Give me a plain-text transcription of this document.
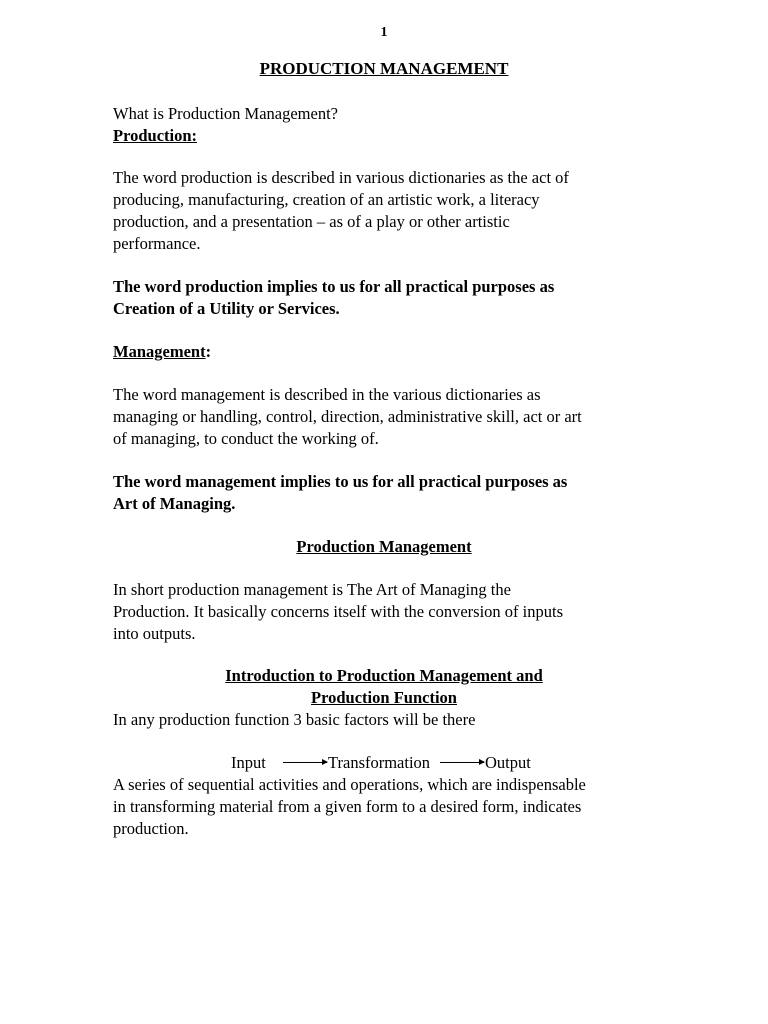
1

PRODUCTION MANAGEMENT

What is Production Management?

Production:

The word production is described in various dictionaries as the act of
producing, manufacturing, creation of an artistic work, a literacy
production, and a presentation – as of a play or other artistic
performance.
The word production implies to us for all practical purposes as
Creation of a Utility or Services.

Management:

The word management is described in the various dictionaries as
managing or handling, control, direction, administrative skill, act or art
of managing, to conduct the working of.
The word management implies to us for all practical purposes as
Art of Managing.

Production Management

In short production management is The Art of Managing the
Production. It basically concerns itself with the conversion of inputs
into outputs.

Introduction to Production Management and

Production Function

In any production function 3 basic factors will be there

Input	Transformation	Output
A series of sequential activities and operations, which are indispensable
in transforming material from a given form to a desired form, indicates
production.
